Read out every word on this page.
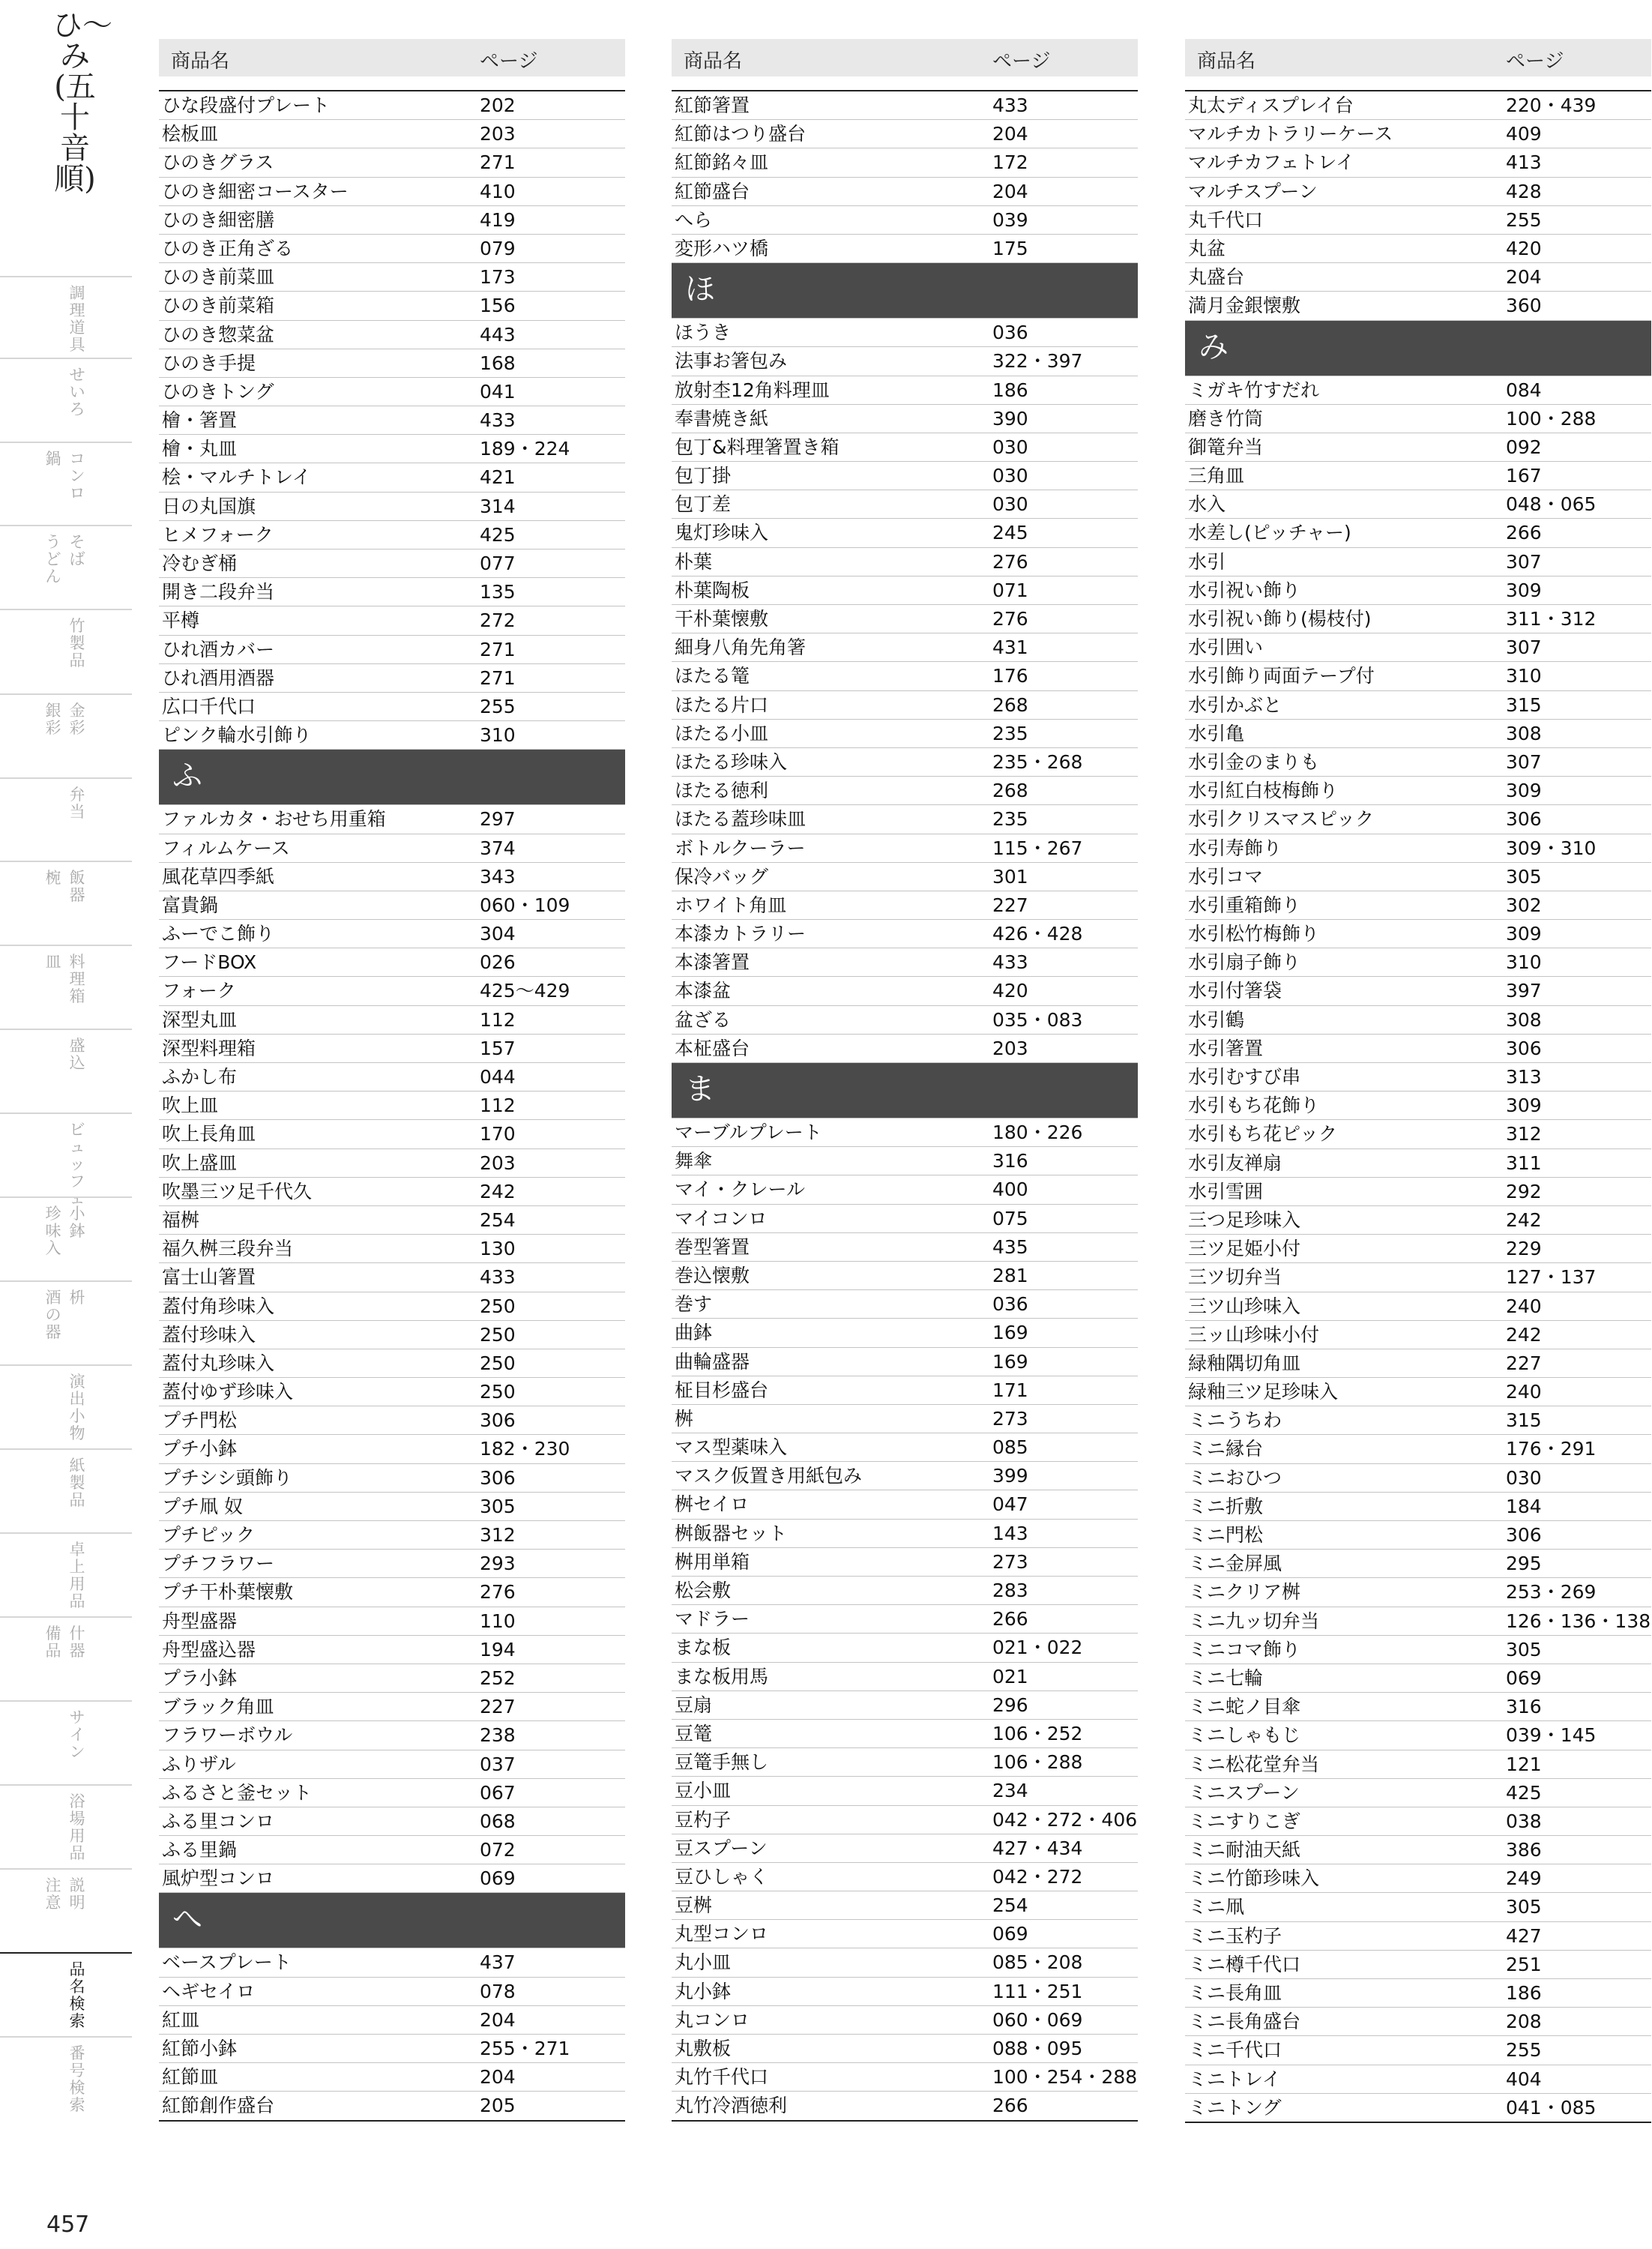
ひ〜み(五十音順)
調理道具
せいろ
コンロ
鍋
そば
うどん
竹製品
金彩
銀彩
弁当
飯器
椀
料理箱
皿
盛込
ビュッフェ
小鉢
珍味入
枡
酒の器
演出小物
紙製品
卓上用品
什器
備品
サイン
浴場用品
説明
注意
品名検索
番号検索
457
商品名	ページ
ひな段盛付プレート	202
桧板皿	203
ひのきグラス	271
ひのき細密コースター	410
ひのき細密膳	419
ひのき正角ざる	079
ひのき前菜皿	173
ひのき前菜箱	156
ひのき惣菜盆	443
ひのき手提	168
ひのきトング	041
檜・箸置	433
檜・丸皿	189・224
桧・マルチトレイ	421
日の丸国旗	314
ヒメフォーク	425
冷むぎ桶	077
開き二段弁当	135
平樽	272
ひれ酒カバー	271
ひれ酒用酒器	271
広口千代口	255
ピンク輪水引飾り	310
ふ
ファルカタ・おせち用重箱	297
フィルムケース	374
風花草四季紙	343
富貴鍋	060・109
ふーでこ飾り	304
フードBOX	026
フォーク	425〜429
深型丸皿	112
深型料理箱	157
ふかし布	044
吹上皿	112
吹上長角皿	170
吹上盛皿	203
吹墨三ツ足千代久	242
福桝	254
福久桝三段弁当	130
富士山箸置	433
蓋付角珍味入	250
蓋付珍味入	250
蓋付丸珍味入	250
蓋付ゆず珍味入	250
プチ門松	306
プチ小鉢	182・230
プチシシ頭飾り	306
プチ凧 奴	305
プチピック	312
プチフラワー	293
プチ干朴葉懐敷	276
舟型盛器	110
舟型盛込器	194
プラ小鉢	252
ブラック角皿	227
フラワーボウル	238
ふりザル	037
ふるさと釜セット	067
ふる里コンロ	068
ふる里鍋	072
風炉型コンロ	069
へ
ベースプレート	437
ヘギセイロ	078
紅皿	204
紅節小鉢	255・271
紅節皿	204
紅節創作盛台	205
商品名	ページ
紅節箸置	433
紅節はつり盛台	204
紅節銘々皿	172
紅節盛台	204
へら	039
変形ハツ橋	175
ほ
ほうき	036
法事お箸包み	322・397
放射杢12角料理皿	186
奉書焼き紙	390
包丁&料理箸置き箱	030
包丁掛	030
包丁差	030
鬼灯珍味入	245
朴葉	276
朴葉陶板	071
干朴葉懐敷	276
細身八角先角箸	431
ほたる篭	176
ほたる片口	268
ほたる小皿	235
ほたる珍味入	235・268
ほたる徳利	268
ほたる蓋珍味皿	235
ボトルクーラー	115・267
保冷バッグ	301
ホワイト角皿	227
本漆カトラリー	426・428
本漆箸置	433
本漆盆	420
盆ざる	035・083
本柾盛台	203
ま
マーブルプレート	180・226
舞傘	316
マイ・クレール	400
マイコンロ	075
巻型箸置	435
巻込懐敷	281
巻す	036
曲鉢	169
曲輪盛器	169
柾目杉盛台	171
桝	273
マス型薬味入	085
マスク仮置き用紙包み	399
桝セイロ	047
桝飯器セット	143
桝用単箱	273
松会敷	283
マドラー	266
まな板	021・022
まな板用馬	021
豆扇	296
豆篭	106・252
豆篭手無し	106・288
豆小皿	234
豆杓子	042・272・406
豆スプーン	427・434
豆ひしゃく	042・272
豆桝	254
丸型コンロ	069
丸小皿	085・208
丸小鉢	111・251
丸コンロ	060・069
丸敷板	088・095
丸竹千代口	100・254・288
丸竹冷酒徳利	266
商品名	ページ
丸太ディスプレイ台	220・439
マルチカトラリーケース	409
マルチカフェトレイ	413
マルチスプーン	428
丸千代口	255
丸盆	420
丸盛台	204
満月金銀懐敷	360
み
ミガキ竹すだれ	084
磨き竹筒	100・288
御篭弁当	092
三角皿	167
水入	048・065
水差し(ピッチャー)	266
水引	307
水引祝い飾り	309
水引祝い飾り(楊枝付)	311・312
水引囲い	307
水引飾り両面テープ付	310
水引かぶと	315
水引亀	308
水引金のまりも	307
水引紅白枝梅飾り	309
水引クリスマスピック	306
水引寿飾り	309・310
水引コマ	305
水引重箱飾り	302
水引松竹梅飾り	309
水引扇子飾り	310
水引付箸袋	397
水引鶴	308
水引箸置	306
水引むすび串	313
水引もち花飾り	309
水引もち花ピック	312
水引友禅扇	311
水引雪囲	292
三つ足珍味入	242
三ツ足姫小付	229
三ツ切弁当	127・137
三ツ山珍味入	240
三ッ山珍味小付	242
緑釉隅切角皿	227
緑釉三ツ足珍味入	240
ミニうちわ	315
ミニ縁台	176・291
ミニおひつ	030
ミニ折敷	184
ミニ門松	306
ミニ金屏風	295
ミニクリア桝	253・269
ミニ九ッ切弁当	126・136・138
ミニコマ飾り	305
ミニ七輪	069
ミニ蛇ノ目傘	316
ミニしゃもじ	039・145
ミニ松花堂弁当	121
ミニスプーン	425
ミニすりこぎ	038
ミニ耐油天紙	386
ミニ竹節珍味入	249
ミニ凧	305
ミニ玉杓子	427
ミニ樽千代口	251
ミニ長角皿	186
ミニ長角盛台	208
ミニ千代口	255
ミニトレイ	404
ミニトング	041・085
